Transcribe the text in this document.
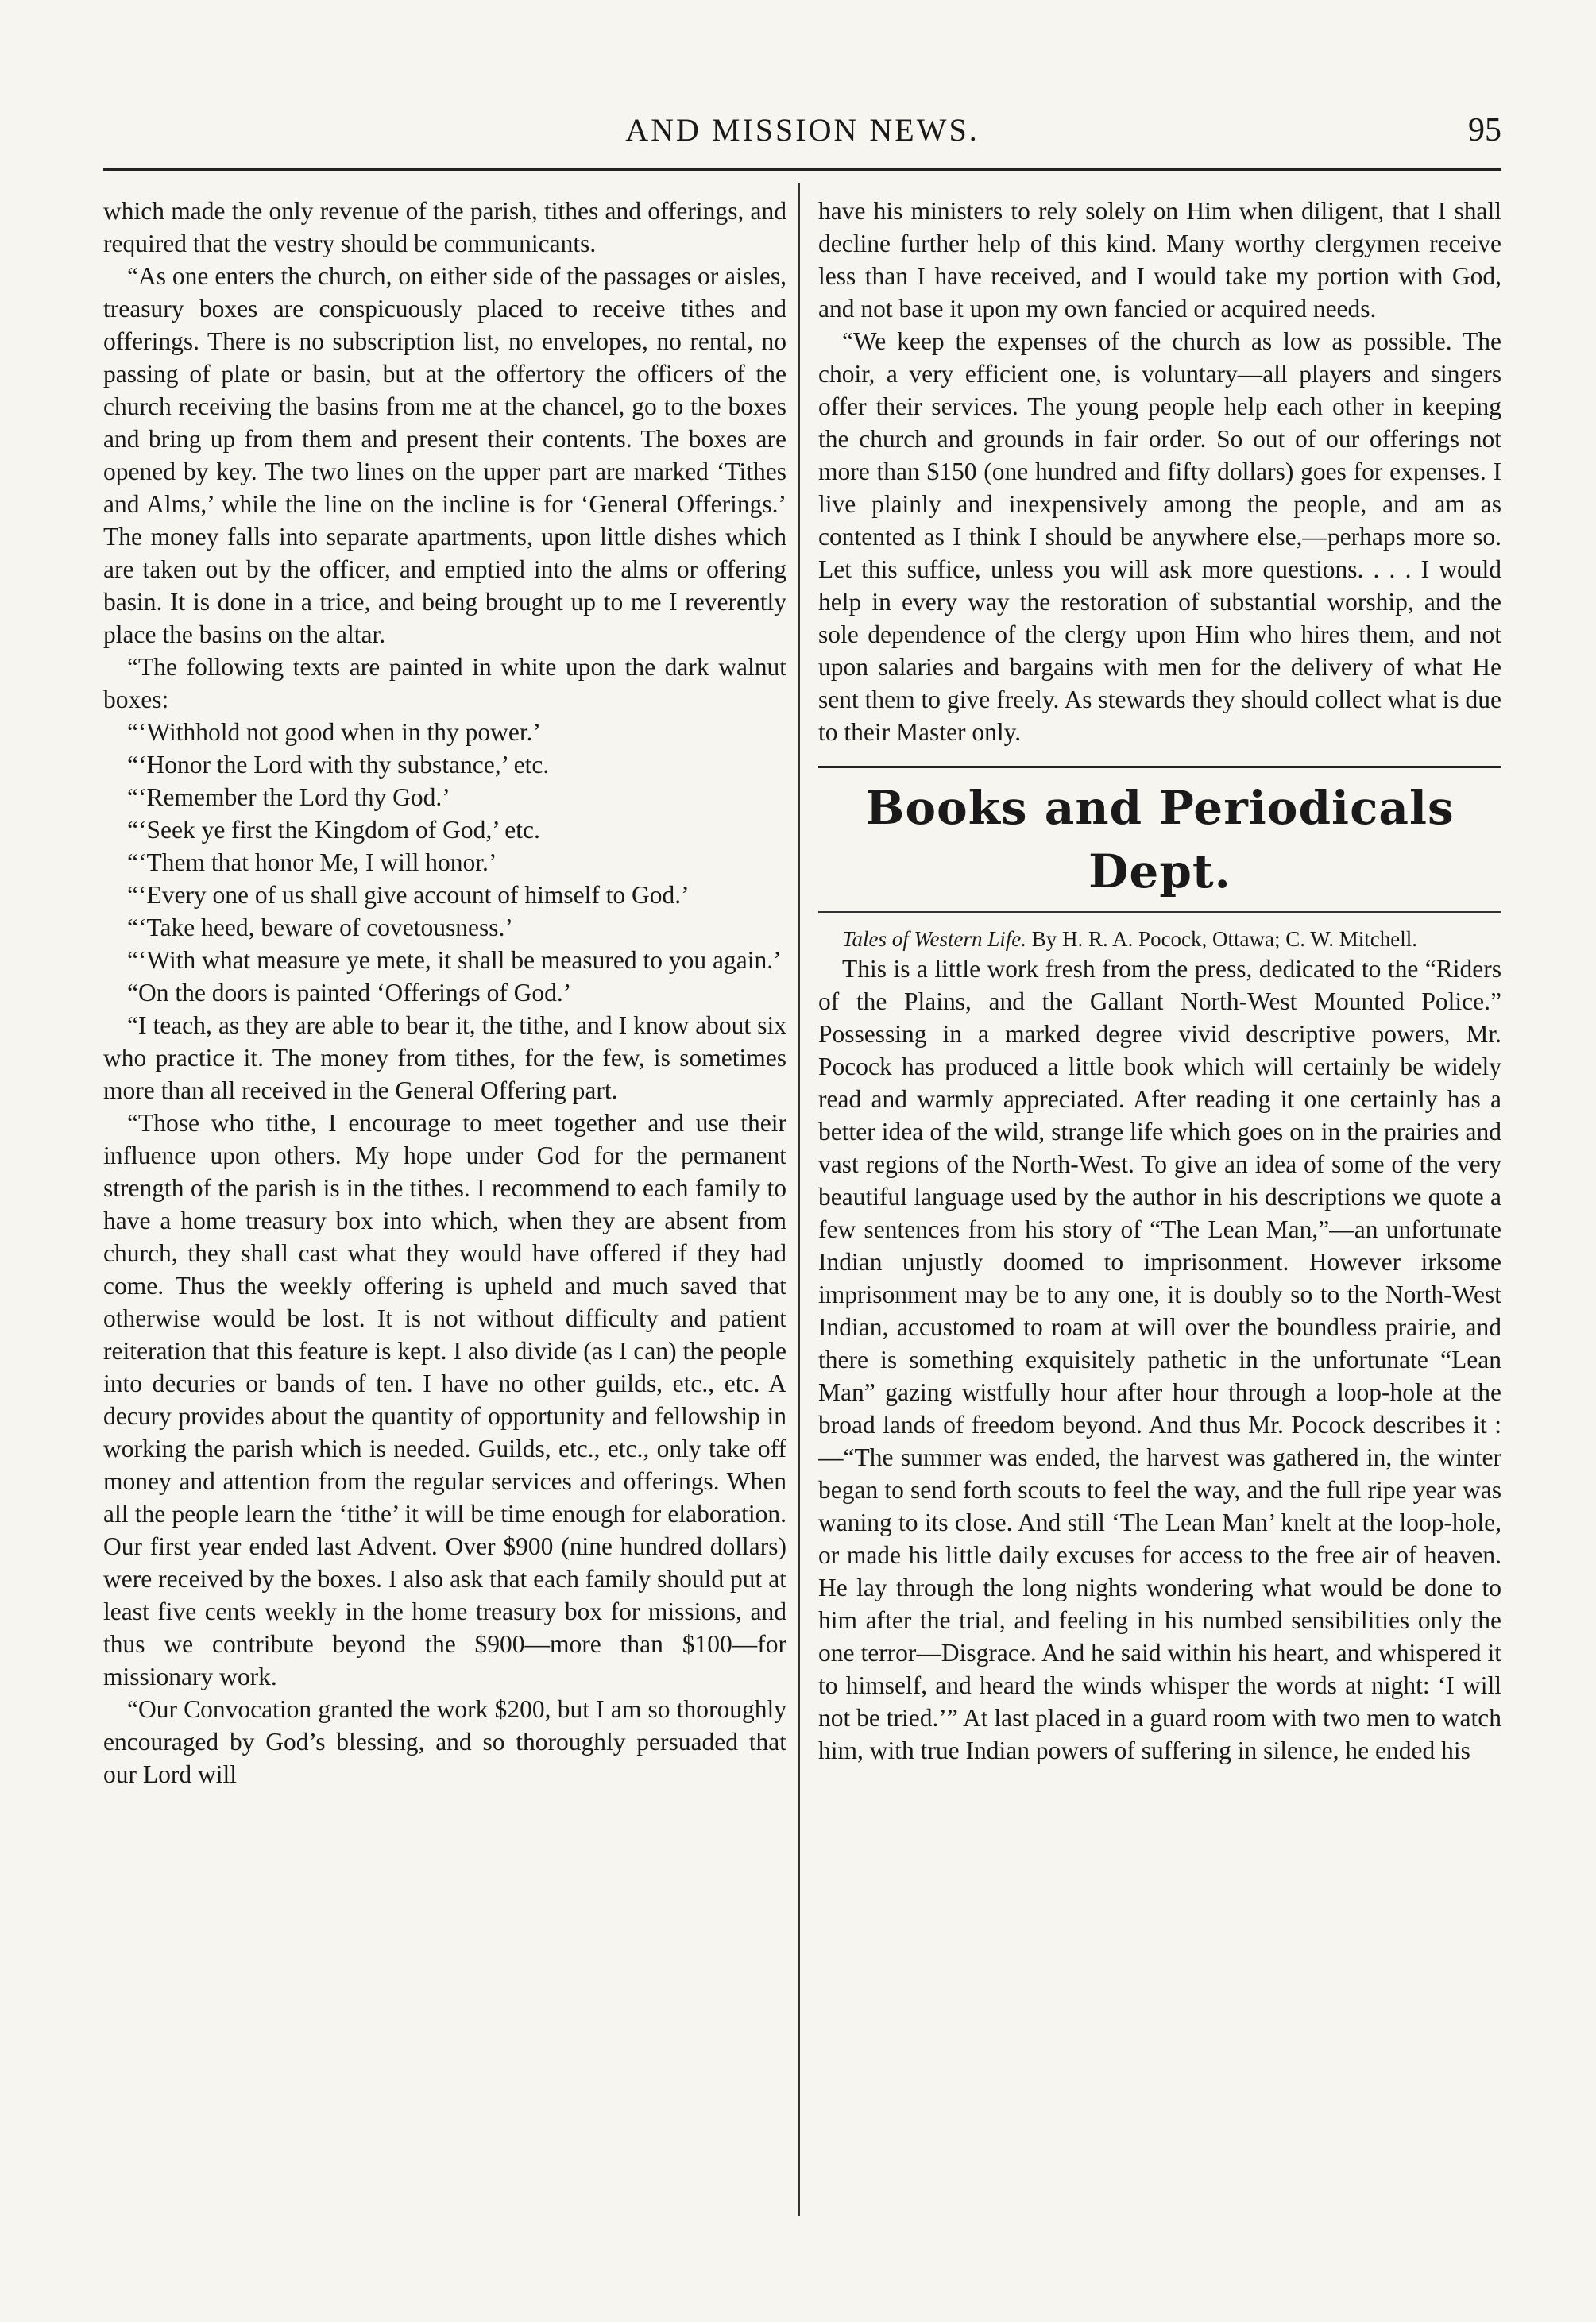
AND MISSION NEWS.	95

which made the only revenue of the parish, tithes and offerings, and required that the vestry should be communicants.

“As one enters the church, on either side of the passages or aisles, treasury boxes are conspicuously placed to receive tithes and offerings. There is no subscription list, no envelopes, no rental, no passing of plate or basin, but at the offertory the officers of the church receiving the basins from me at the chancel, go to the boxes and bring up from them and present their contents. The boxes are opened by key. The two lines on the upper part are marked ‘Tithes and Alms,’ while the line on the incline is for ‘General Offerings.’ The money falls into separate apartments, upon little dishes which are taken out by the officer, and emptied into the alms or offering basin. It is done in a trice, and being brought up to me I reverently place the basins on the altar.

“The following texts are painted in white upon the dark walnut boxes:

“‘Withhold not good when in thy power.’

“‘Honor the Lord with thy substance,’ etc.

“‘Remember the Lord thy God.’

“‘Seek ye first the Kingdom of God,’ etc.

“‘Them that honor Me, I will honor.’

“‘Every one of us shall give account of himself to God.’

“‘Take heed, beware of covetousness.’

“‘With what measure ye mete, it shall be measured to you again.’

“On the doors is painted ‘Offerings of God.’

“I teach, as they are able to bear it, the tithe, and I know about six who practice it. The money from tithes, for the few, is sometimes more than all received in the General Offering part.

“Those who tithe, I encourage to meet together and use their influence upon others. My hope under God for the permanent strength of the parish is in the tithes. I recommend to each family to have a home treasury box into which, when they are absent from church, they shall cast what they would have offered if they had come. Thus the weekly offering is upheld and much saved that otherwise would be lost. It is not without difficulty and patient reiteration that this feature is kept. I also divide (as I can) the people into decuries or bands of ten. I have no other guilds, etc., etc. A decury provides about the quantity of opportunity and fellowship in working the parish which is needed. Guilds, etc., etc., only take off money and attention from the regular services and offerings. When all the people learn the ‘tithe’ it will be time enough for elaboration. Our first year ended last Advent. Over $900 (nine hundred dollars) were received by the boxes. I also ask that each family should put at least five cents weekly in the home treasury box for missions, and thus we contribute beyond the $900—more than $100—for missionary work.

“Our Convocation granted the work $200, but I am so thoroughly encouraged by God’s blessing, and so thoroughly persuaded that our Lord will

have his ministers to rely solely on Him when diligent, that I shall decline further help of this kind. Many worthy clergymen receive less than I have received, and I would take my portion with God, and not base it upon my own fancied or acquired needs.

“We keep the expenses of the church as low as possible. The choir, a very efficient one, is voluntary—all players and singers offer their services. The young people help each other in keeping the church and grounds in fair order. So out of our offerings not more than $150 (one hundred and fifty dollars) goes for expenses. I live plainly and inexpensively among the people, and am as contented as I think I should be anywhere else,—perhaps more so. Let this suffice, unless you will ask more questions. . . . I would help in every way the restoration of substantial worship, and the sole dependence of the clergy upon Him who hires them, and not upon salaries and bargains with men for the delivery of what He sent them to give freely. As stewards they should collect what is due to their Master only.

Books and Periodicals Dept.

Tales of Western Life. By H. R. A. Pocock, Ottawa; C. W. Mitchell.

This is a little work fresh from the press, dedicated to the “Riders of the Plains, and the Gallant North-West Mounted Police.” Possessing in a marked degree vivid descriptive powers, Mr. Pocock has produced a little book which will certainly be widely read and warmly appreciated. After reading it one certainly has a better idea of the wild, strange life which goes on in the prairies and vast regions of the North-West. To give an idea of some of the very beautiful language used by the author in his descriptions we quote a few sentences from his story of “The Lean Man,”—an unfortunate Indian unjustly doomed to imprisonment. However irksome imprisonment may be to any one, it is doubly so to the North-West Indian, accustomed to roam at will over the boundless prairie, and there is something exquisitely pathetic in the unfortunate “Lean Man” gazing wistfully hour after hour through a loop-hole at the broad lands of freedom beyond. And thus Mr. Pocock describes it :—“The summer was ended, the harvest was gathered in, the winter began to send forth scouts to feel the way, and the full ripe year was waning to its close. And still ‘The Lean Man’ knelt at the loop-hole, or made his little daily excuses for access to the free air of heaven. He lay through the long nights wondering what would be done to him after the trial, and feeling in his numbed sensibilities only the one terror—Disgrace. And he said within his heart, and whispered it to himself, and heard the winds whisper the words at night: ‘I will not be tried.’” At last placed in a guard room with two men to watch him, with true Indian powers of suffering in silence, he ended his
